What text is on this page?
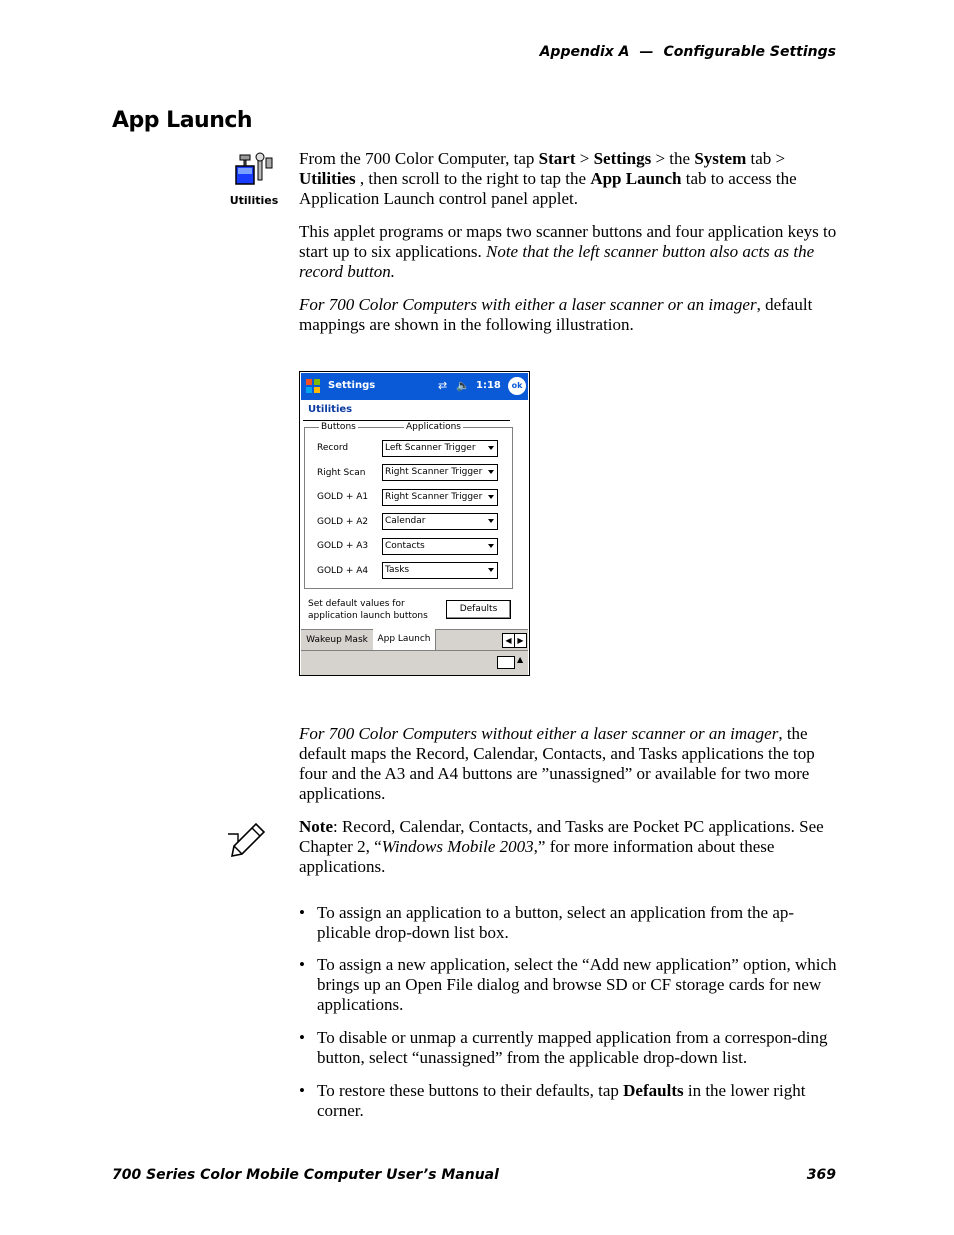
Appendix A — Configurable Settings
App Launch
Utilities
From the 700 Color Computer, tap Start > Settings > the System tab > Utilities , then scroll to the right to tap the App Launch tab to access the Application Launch control panel applet.
This applet programs or maps two scanner buttons and four application keys to start up to six applications. Note that the left scanner button also acts as the record button.
For 700 Color Computers with either a laser scanner or an imager, default mappings are shown in the following illustration.
Settings	⇄ 🔈 1:18	ok
Utilities
Buttons	Applications
Record	Left Scanner Trigger
Right Scan	Right Scanner Trigger
GOLD + A1	Right Scanner Trigger
GOLD + A2	Calendar
GOLD + A3	Contacts
GOLD + A4	Tasks
Set default values for application launch buttons
Defaults
Wakeup Mask	App Launch	◀ ▶
▲
For 700 Color Computers without either a laser scanner or an imager, the default maps the Record, Calendar, Contacts, and Tasks applications the top four and the A3 and A4 buttons are ”unassigned” or available for two more applications.
Note: Record, Calendar, Contacts, and Tasks are Pocket PC applications. See Chapter 2, “Windows Mobile 2003,” for more information about these applications.
• To assign an application to a button, select an application from the ap-plicable drop-down list box.
• To assign a new application, select the “Add new application” option, which brings up an Open File dialog and browse SD or CF storage cards for new applications.
• To disable or unmap a currently mapped application from a correspon-ding button, select “unassigned” from the applicable drop-down list.
• To restore these buttons to their defaults, tap Defaults in the lower right corner.
700 Series Color Mobile Computer User’s Manual	369
